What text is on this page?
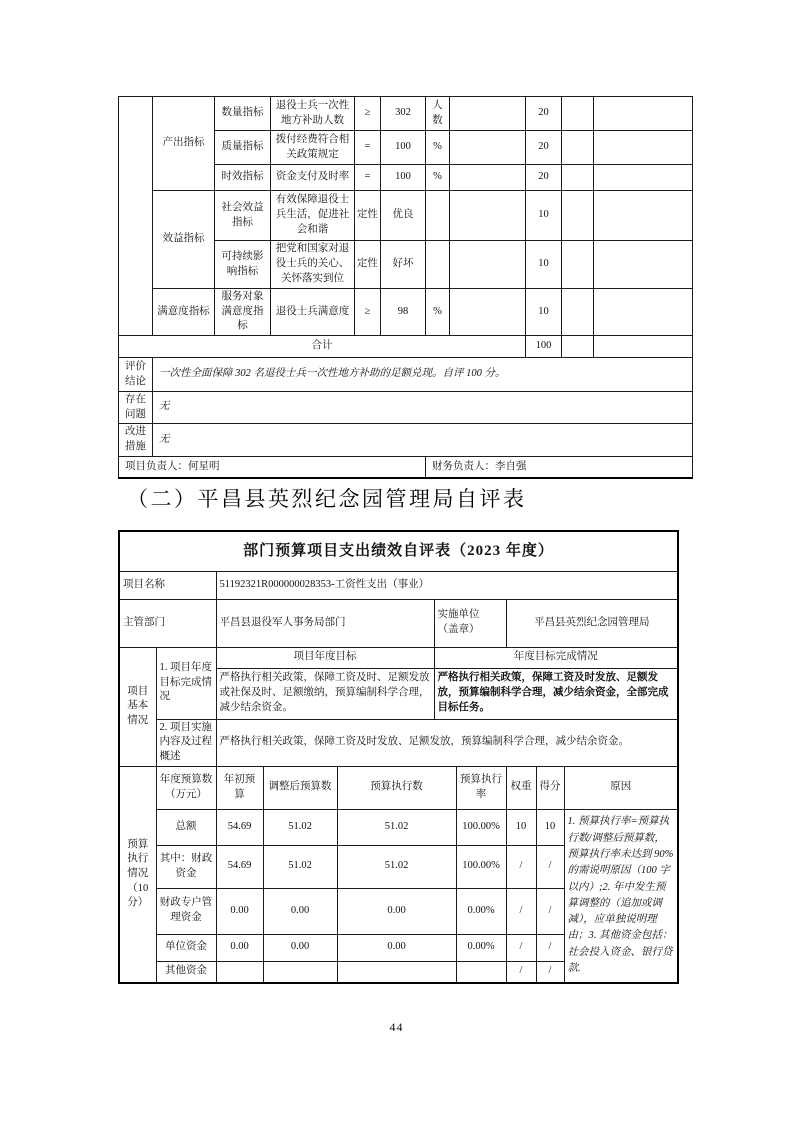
	产出指标	数量指标	退役士兵一次性地方补助人数	≥	302	人数		20		
		质量指标	拨付经费符合相关政策规定	=	100	%		20		
		时效指标	资金支付及时率	=	100	%		20		
	效益指标	社会效益指标	有效保障退役士兵生活，促进社会和谐	定性	优良			10		
		可持续影响指标	把党和国家对退役士兵的关心、关怀落实到位	定性	好坏			10		
	满意度指标	服务对象满意度指标	退役士兵满意度	≥	98	%		10		
合计								100		
评价结论	一次性全面保障 302 名退役士兵一次性地方补助的足额兑现。自评 100 分。									
存在问题	无									
改进措施	无									
项目负责人：何星明						财务负责人：李自强				
（二）平昌县英烈纪念园管理局自评表
部门预算项目支出绩效自评表（2023 年度）									
项目名称		51192321R000000028353-工资性支出（事业）							
主管部门		平昌县退役军人事务局部门			实施单位 （盖章）		平昌县英烈纪念园管理局		
项目基本情况	1. 项目年度目标完成情况	项目年度目标			年度目标完成情况				
		严格执行相关政策，保障工资及时、足额发放或社保及时、足额缴纳，预算编制科学合理，减少结余资金。			严格执行相关政策，保障工资及时发放、足额发放，预算编制科学合理，减少结余资金，全部完成目标任务。				
	2. 项目实施内容及过程概述	严格执行相关政策，保障工资及时发放、足额发放，预算编制科学合理，减少结余资金。							
预算执行情况（10 分）	年度预算数（万元）	年初预算	调整后预算数	预算执行数		预算执行率	权重	得分	原因
	总额	54.69	51.02	51.02		100.00%	10	10	1. 预算执行率=预算执行数/调整后预算数，预算执行率未达到 90%的需说明原因（100 字以内）;2. 年中发生预算调整的（追加或调减），应单独说明理由；3. 其他资金包括：社会投入资金、银行贷款.
	其中：财政资金	54.69	51.02	51.02		100.00%	/	/	
	财政专户管理资金	0.00	0.00	0.00		0.00%	/	/	
	单位资金	0.00	0.00	0.00		0.00%	/	/	
	其他资金						/	/	
44
